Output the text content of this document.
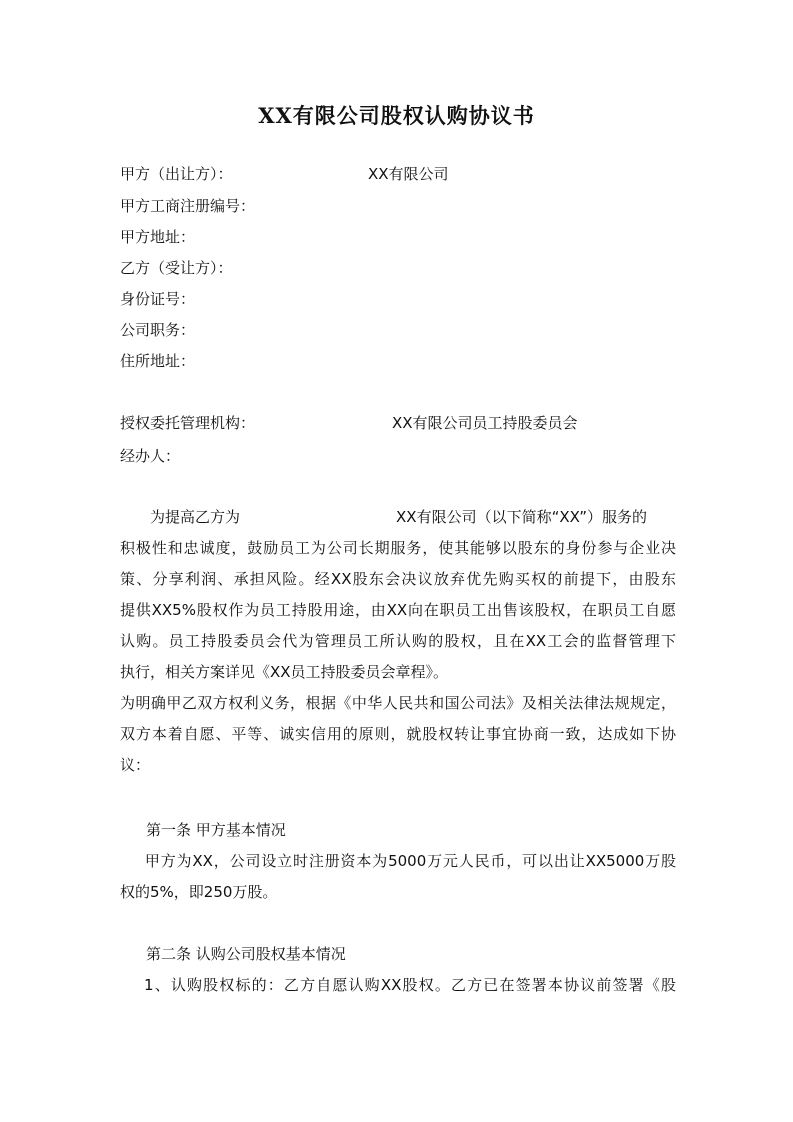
XX有限公司股权认购协议书
甲方（出让方）：	XX有限公司
甲方工商注册编号：
甲方地址：
乙方（受让方）：
身份证号：
公司职务：
住所地址：
授权委托管理机构：	XX有限公司员工持股委员会
经办人：
为提高乙方为	XX有限公司（以下简称“XX”）服务的
积极性和忠诚度，鼓励员工为公司长期服务，使其能够以股东的身份参与企业决
策、分享利润、承担风险。经XX股东会决议放弃优先购买权的前提下，由股东
提供XX5%股权作为员工持股用途，由XX向在职员工出售该股权，在职员工自愿
认购。员工持股委员会代为管理员工所认购的股权，且在XX工会的监督管理下
执行，相关方案详见《XX员工持股委员会章程》。
为明确甲乙双方权利义务，根据《中华人民共和国公司法》及相关法律法规规定，
双方本着自愿、平等、诚实信用的原则，就股权转让事宜协商一致，达成如下协
议：
第一条 甲方基本情况
甲方为XX，公司设立时注册资本为5000万元人民币，可以出让XX5000万股
权的5%，即250万股。
第二条 认购公司股权基本情况
1、认购股权标的：乙方自愿认购XX股权。乙方已在签署本协议前签署《股
